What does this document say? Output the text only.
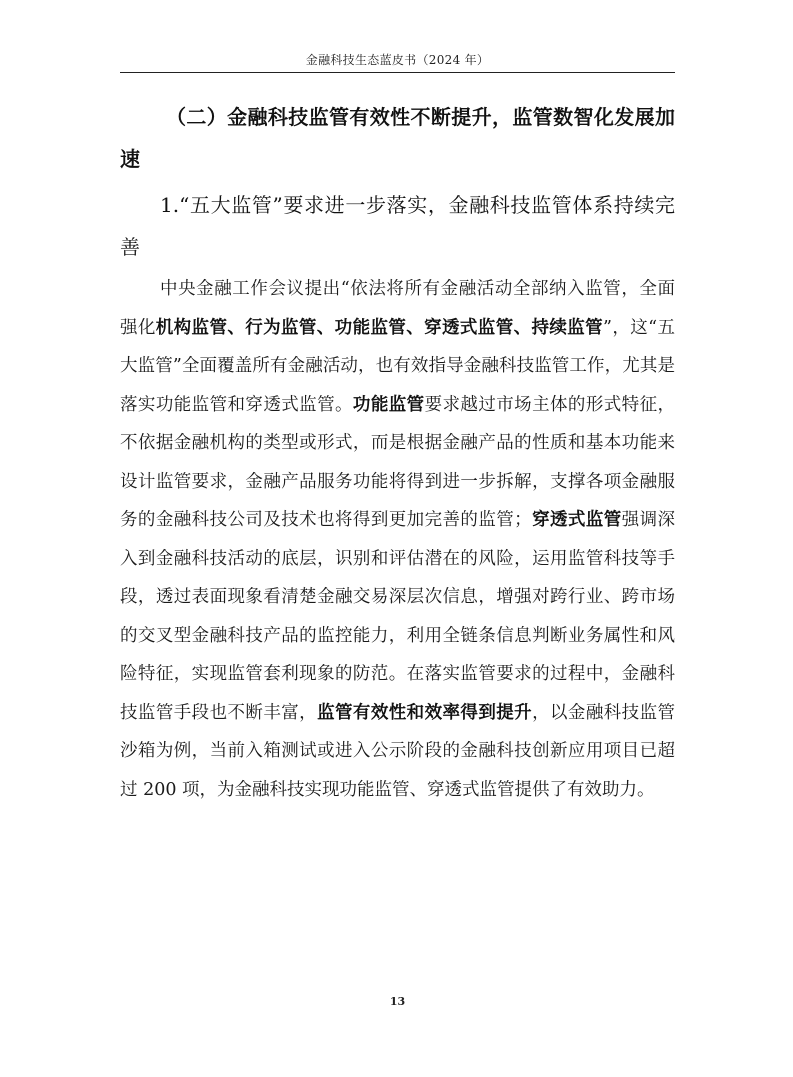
金融科技生态蓝皮书（2024 年）
（二）金融科技监管有效性不断提升，监管数智化发展加速
1.“五大监管”要求进一步落实，金融科技监管体系持续完善
中央金融工作会议提出“依法将所有金融活动全部纳入监管，全面强化机构监管、行为监管、功能监管、穿透式监管、持续监管”，这“五大监管”全面覆盖所有金融活动，也有效指导金融科技监管工作，尤其是落实功能监管和穿透式监管。功能监管要求越过市场主体的形式特征，不依据金融机构的类型或形式，而是根据金融产品的性质和基本功能来设计监管要求，金融产品服务功能将得到进一步拆解，支撑各项金融服务的金融科技公司及技术也将得到更加完善的监管；穿透式监管强调深入到金融科技活动的底层，识别和评估潜在的风险，运用监管科技等手段，透过表面现象看清楚金融交易深层次信息，增强对跨行业、跨市场的交叉型金融科技产品的监控能力，利用全链条信息判断业务属性和风险特征，实现监管套利现象的防范。在落实监管要求的过程中，金融科技监管手段也不断丰富，监管有效性和效率得到提升，以金融科技监管沙箱为例，当前入箱测试或进入公示阶段的金融科技创新应用项目已超过 200 项，为金融科技实现功能监管、穿透式监管提供了有效助力。
13
